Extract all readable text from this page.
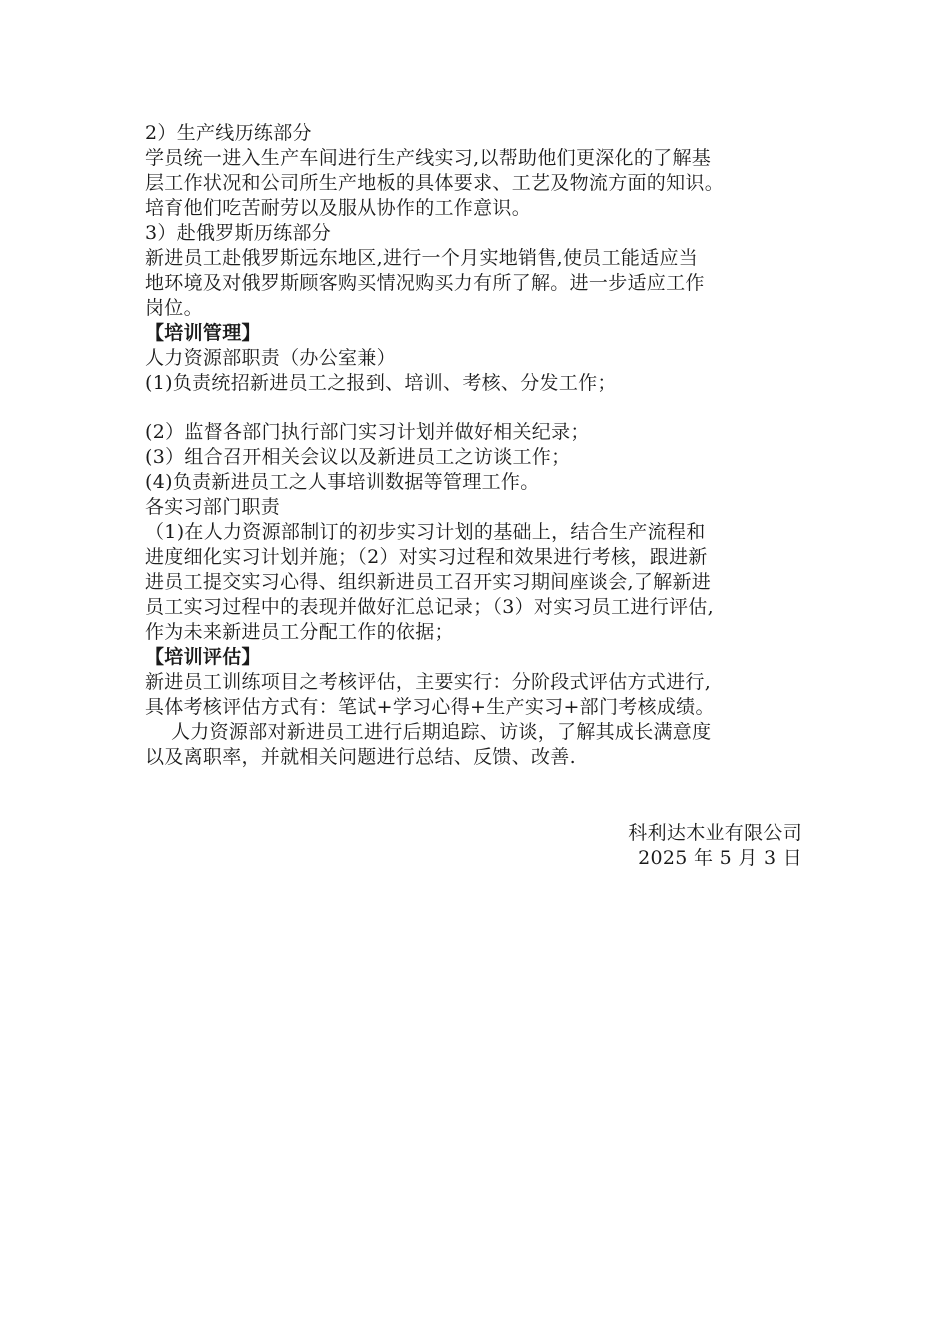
2）生产线历练部分
学员统一进入生产车间进行生产线实习,以帮助他们更深化的了解基
层工作状况和公司所生产地板的具体要求、工艺及物流方面的知识。
培育他们吃苦耐劳以及服从协作的工作意识。
3）赴俄罗斯历练部分
新进员工赴俄罗斯远东地区,进行一个月实地销售,使员工能适应当
地环境及对俄罗斯顾客购买情况购买力有所了解。进一步适应工作
岗位。
【培训管理】
人力资源部职责（办公室兼）
(1)负责统招新进员工之报到、培训、考核、分发工作；
(2）监督各部门执行部门实习计划并做好相关纪录；
(3）组合召开相关会议以及新进员工之访谈工作；
(4)负责新进员工之人事培训数据等管理工作。
各实习部门职责
（1)在人力资源部制订的初步实习计划的基础上，结合生产流程和
进度细化实习计划并施；（2）对实习过程和效果进行考核，跟进新
进员工提交实习心得、组织新进员工召开实习期间座谈会,了解新进
员工实习过程中的表现并做好汇总记录；（3）对实习员工进行评估,
作为未来新进员工分配工作的依据；
【培训评估】
新进员工训练项目之考核评估，主要实行：分阶段式评估方式进行,
具体考核评估方式有：笔试+学习心得+生产实习+部门考核成绩。
人力资源部对新进员工进行后期追踪、访谈，了解其成长满意度
以及离职率，并就相关问题进行总结、反馈、改善.
科利达木业有限公司
2025 年 5 月 3 日
